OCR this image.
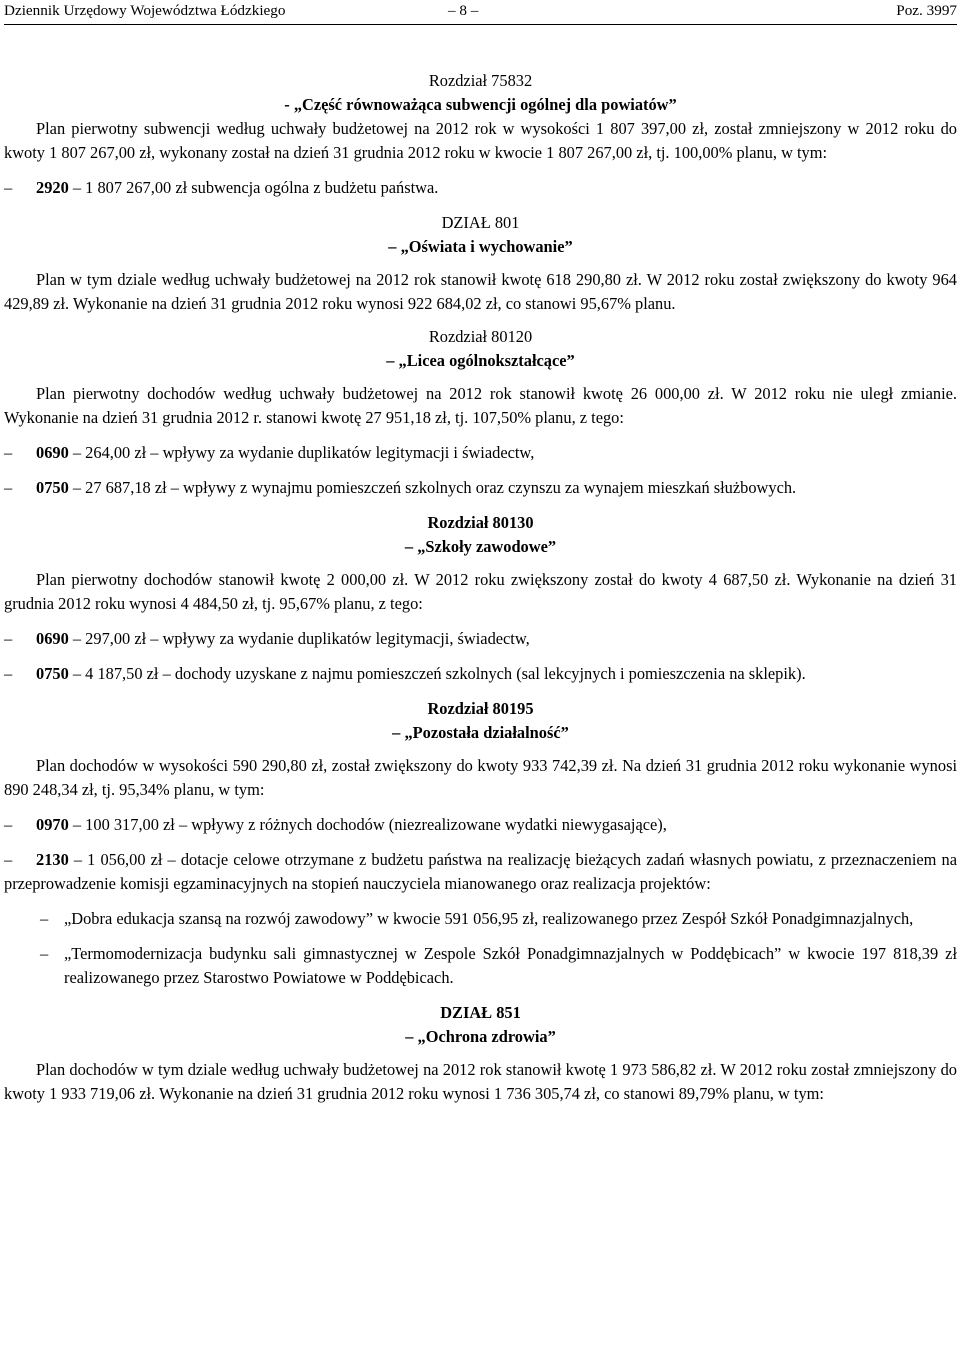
Dziennik Urzędowy Województwa Łódzkiego	– 8 –	Poz. 3997

Rozdział 75832

- „Część równoważąca subwencji ogólnej dla powiatów”

Plan pierwotny subwencji według uchwały budżetowej na 2012 rok w wysokości 1 807 397,00 zł, został zmniejszony w 2012 roku do kwoty 1 807 267,00 zł, wykonany został na dzień 31 grudnia 2012 roku w kwocie 1 807 267,00 zł, tj. 100,00% planu, w tym:

– 2920 – 1 807 267,00 zł subwencja ogólna z budżetu państwa.

DZIAŁ 801

– „Oświata i wychowanie”

Plan w tym dziale według uchwały budżetowej na 2012 rok stanowił kwotę 618 290,80 zł. W 2012 roku został zwiększony do kwoty 964 429,89 zł. Wykonanie na dzień 31 grudnia 2012 roku wynosi 922 684,02 zł, co stanowi 95,67% planu.

Rozdział 80120

– „Licea ogólnokształcące”

Plan pierwotny dochodów według uchwały budżetowej na 2012 rok stanowił kwotę 26 000,00 zł. W 2012 roku nie uległ zmianie. Wykonanie na dzień 31 grudnia 2012 r. stanowi kwotę 27 951,18 zł, tj. 107,50% planu, z tego:

– 0690 – 264,00 zł – wpływy za wydanie duplikatów legitymacji i świadectw,
– 0750 – 27 687,18 zł – wpływy z wynajmu pomieszczeń szkolnych oraz czynszu za wynajem mieszkań służbowych.

Rozdział 80130

– „Szkoły zawodowe”

Plan pierwotny dochodów stanowił kwotę 2 000,00 zł. W 2012 roku zwiększony został do kwoty 4 687,50 zł. Wykonanie na dzień 31 grudnia 2012 roku wynosi 4 484,50 zł, tj. 95,67% planu, z tego:

– 0690 – 297,00 zł – wpływy za wydanie duplikatów legitymacji, świadectw,
– 0750 – 4 187,50 zł – dochody uzyskane z najmu pomieszczeń szkolnych (sal lekcyjnych i pomieszczenia na sklepik).

Rozdział 80195

– „Pozostała działalność”

Plan dochodów w wysokości 590 290,80 zł, został zwiększony do kwoty 933 742,39 zł. Na dzień 31 grudnia 2012 roku wykonanie wynosi 890 248,34 zł, tj. 95,34% planu, w tym:

– 0970 – 100 317,00 zł – wpływy z różnych dochodów (niezrealizowane wydatki niewygasające),
– 2130 – 1 056,00 zł – dotacje celowe otrzymane z budżetu państwa na realizację bieżących zadań własnych powiatu, z przeznaczeniem na przeprowadzenie komisji egzaminacyjnych na stopień nauczyciela mianowanego oraz realizacja projektów:
– „Dobra edukacja szansą na rozwój zawodowy” w kwocie 591 056,95 zł, realizowanego przez Zespół Szkół Ponadgimnazjalnych,
– „Termomodernizacja budynku sali gimnastycznej w Zespole Szkół Ponadgimnazjalnych w Poddębicach” w kwocie 197 818,39 zł realizowanego przez Starostwo Powiatowe w Poddębicach.

DZIAŁ 851

– „Ochrona zdrowia”

Plan dochodów w tym dziale według uchwały budżetowej na 2012 rok stanowił kwotę 1 973 586,82 zł. W 2012 roku został zmniejszony do kwoty 1 933 719,06 zł. Wykonanie na dzień 31 grudnia 2012 roku wynosi 1 736 305,74 zł, co stanowi 89,79% planu, w tym:
